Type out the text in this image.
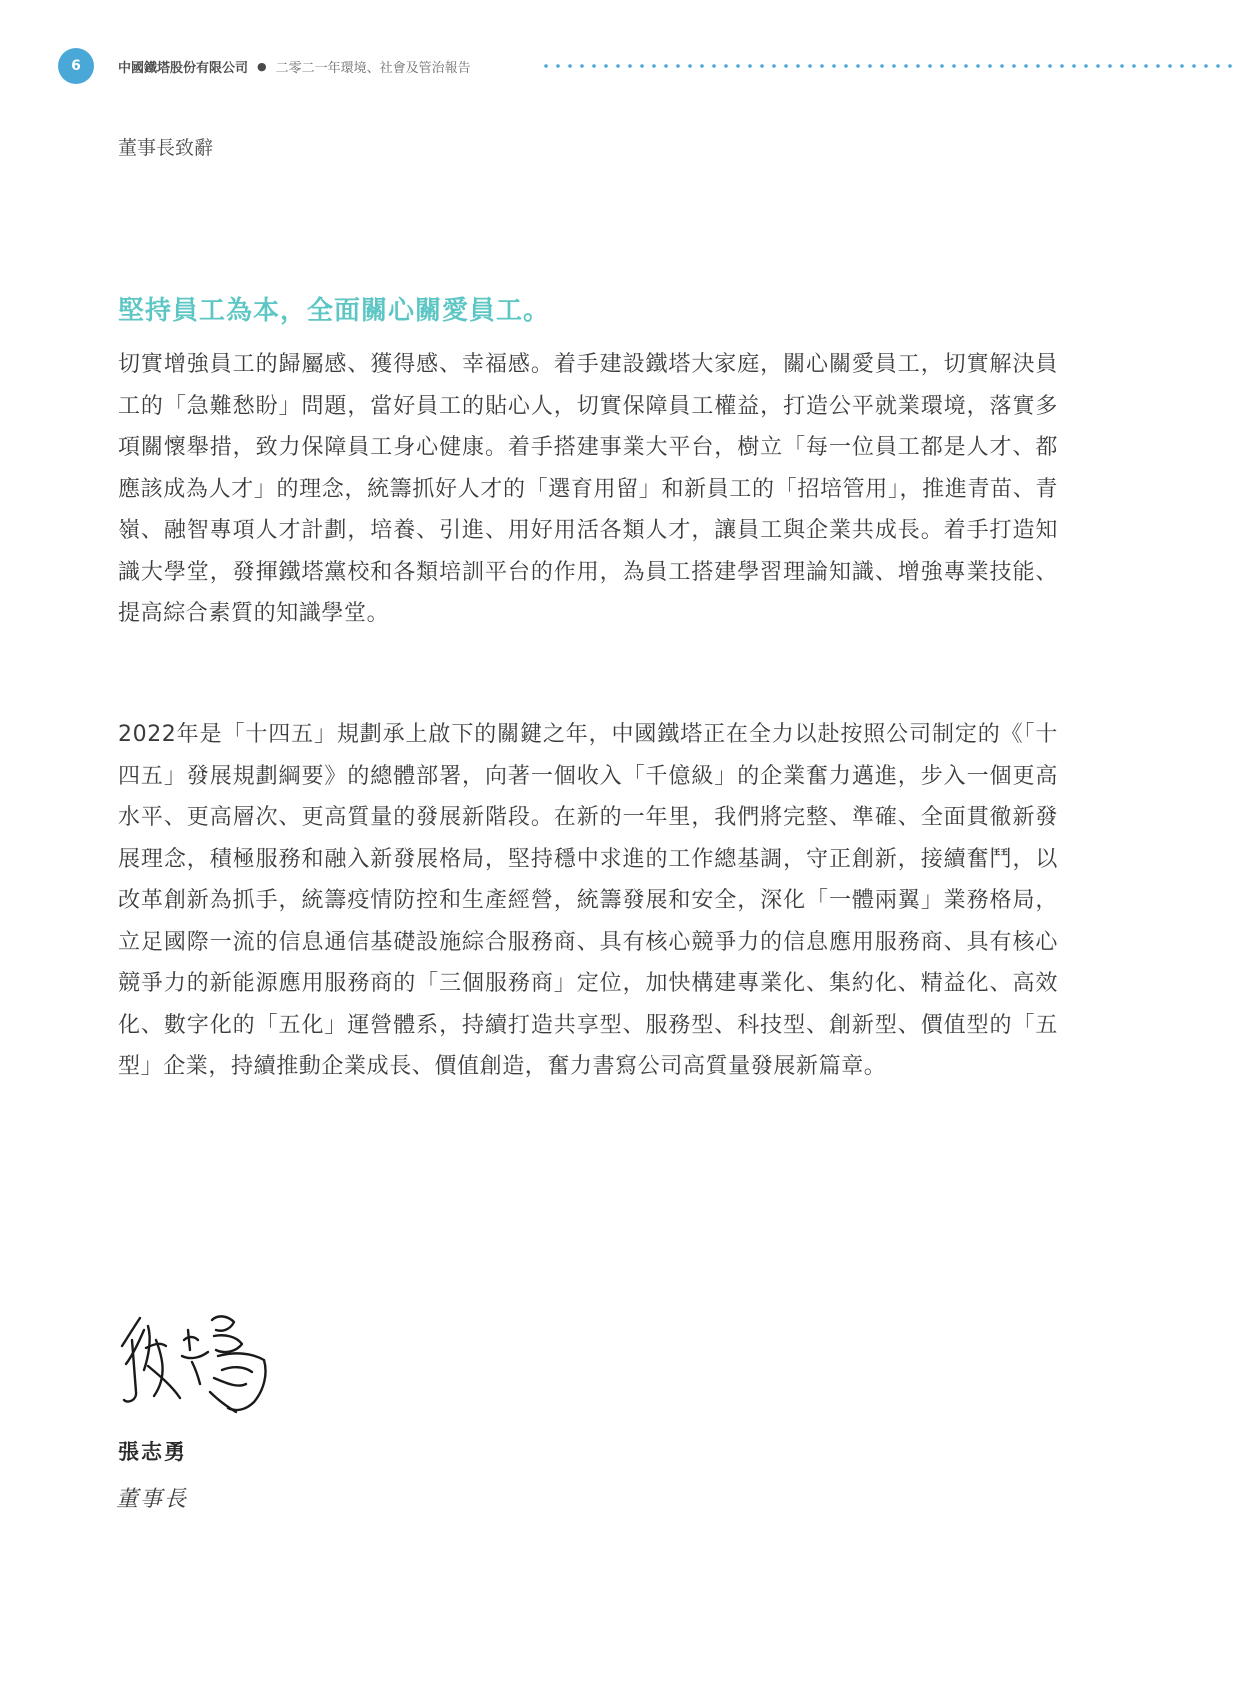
6	中國鐵塔股份有限公司 ● 二零二一年環境、社會及管治報告
董事長致辭
堅持員工為本，全面關心關愛員工。

切實增強員工的歸屬感、獲得感、幸福感。着手建設鐵塔大家庭，關心關愛員工，切實解決員工的「急難愁盼」問題，當好員工的貼心人，切實保障員工權益，打造公平就業環境，落實多項關懷舉措，致力保障員工身心健康。着手搭建事業大平台，樹立「每一位員工都是人才、都應該成為人才」的理念，統籌抓好人才的「選育用留」和新員工的「招培管用」，推進青苗、青嶺、融智專項人才計劃，培養、引進、用好用活各類人才，讓員工與企業共成長。着手打造知識大學堂，發揮鐵塔黨校和各類培訓平台的作用，為員工搭建學習理論知識、增強專業技能、提高綜合素質的知識學堂。

2022年是「十四五」規劃承上啟下的關鍵之年，中國鐵塔正在全力以赴按照公司制定的《「十四五」發展規劃綱要》的總體部署，向著一個收入「千億級」的企業奮力邁進，步入一個更高水平、更高層次、更高質量的發展新階段。在新的一年里，我們將完整、準確、全面貫徹新發展理念，積極服務和融入新發展格局，堅持穩中求進的工作總基調，守正創新，接續奮鬥，以改革創新為抓手，統籌疫情防控和生產經營，統籌發展和安全，深化「一體兩翼」業務格局，立足國際一流的信息通信基礎設施綜合服務商、具有核心競爭力的信息應用服務商、具有核心競爭力的新能源應用服務商的「三個服務商」定位，加快構建專業化、集約化、精益化、高效化、數字化的「五化」運營體系，持續打造共享型、服務型、科技型、創新型、價值型的「五型」企業，持續推動企業成長、價值創造，奮力書寫公司高質量發展新篇章。

張志勇
董事長
